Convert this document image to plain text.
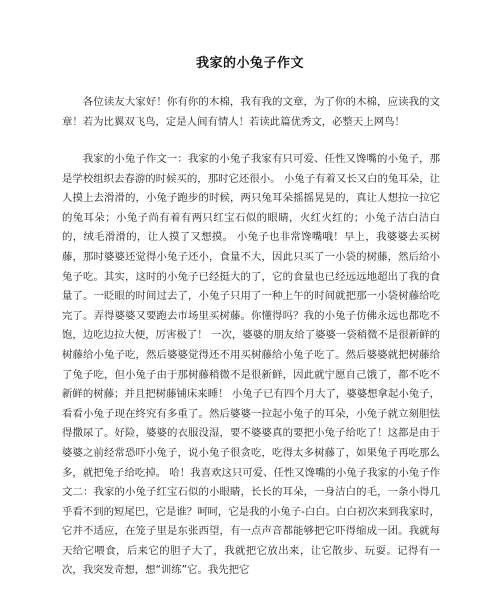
我家的小兔子作文

各位读友大家好！你有你的木棉，我有我的文章，为了你的木棉，应读我的文章！若为比翼双飞鸟，定是人间有情人！若读此篇优秀文，必整天上网鸟！

我家的小兔子作文一：我家的小兔子我家有只可爱、任性又馋嘴的小兔子，那是学校组织去春游的时候买的，那时它还很小。 小兔子有着又长又白的兔耳朵，让人摸上去滑滑的，小兔子跑步的时候，两只兔耳朵摇摇晃晃的，真让人想拉一拉它的兔耳朵；小兔子尚有着有两只红宝石似的眼睛，火红火红的；小兔子洁白洁白的，绒毛滑滑的，让人摸了又想摸。 小兔子也非常馋嘴哦！早上，我婆婆去买树藤，那时婆婆还觉得小兔子还小，食量不大，因此只买了一小袋的树藤，然后给小兔子吃。其实，这时的小兔子已经挺大的了，它的食量也已经远远地超出了我的食量了。一眨眼的时间过去了，小兔子只用了一种上午的时间就把那一小袋树藤给吃完了。弄得婆婆又要跑去市场里买树藤。你懂得吗？我的小兔子仿佛永远也都吃不饱，边吃边拉大便，厉害极了！ 一次，婆婆的朋友给了婆婆一袋稍微不是很新鲜的树藤给小兔子吃，然后婆婆觉得还不用买树藤给小兔子吃了。然后婆婆就把树藤给了兔子吃，但小兔子由于那树藤稍微不是很新鲜，因此就宁愿自己饿了，都不吃不新鲜的树藤；并且把树藤铺床来睡！ 小兔子已有四个月大了，婆婆想拿起小兔子，看看小兔子现在终究有多重了。然后婆婆一拉起小兔子的耳朵，小兔子就立刻胆怯得撒尿了。好险，婆婆的衣服没湿，要不婆婆真的要把小兔子给吃了！这都是由于婆婆之前经常恐吓小兔子，说小兔子很贪吃，吃得太多树藤了，如果兔子再吃那么多，就把兔子给吃掉。 哈！我喜欢这只可爱、任性又馋嘴的小兔子我家的小兔子作文二：我家的小兔子红宝石似的小眼睛，长长的耳朵，一身洁白的毛，一条小得几乎看不到的短尾巴，它是谁？呵呵，它是我的小兔子-白白。白白初次来到我家时，它并不适应，在笼子里是东张西望，有一点声音都能够把它吓得缩成一团。我就每天给它喂食，后来它的胆子大了，我就把它放出来，让它散步、玩耍。记得有一次，我突发奇想，想“训练”它。我先把它
